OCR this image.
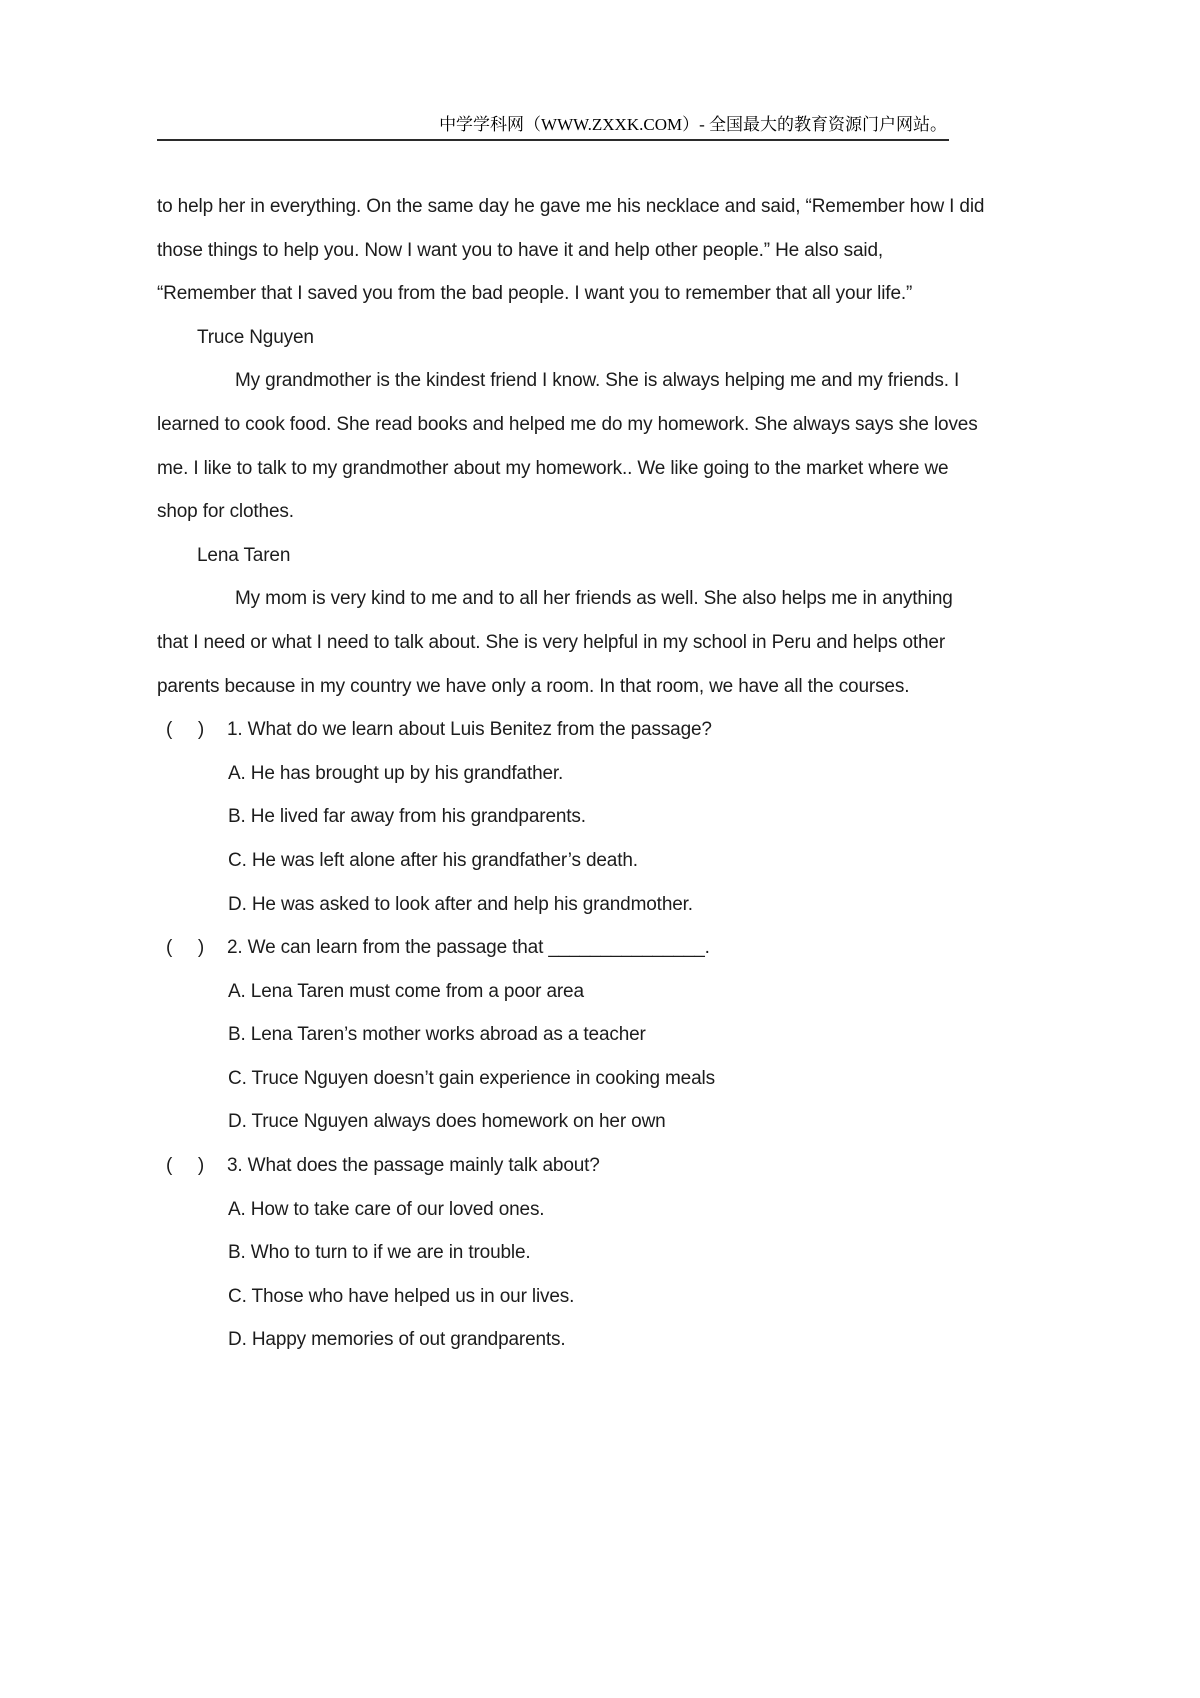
中学学科网（WWW.ZXXK.COM）- 全国最大的教育资源门户网站。
to help her in everything. On the same day he gave me his necklace and said, “Remember how I did
those things to help you. Now I want you to have it and help other people.” He also said,
“Remember that I saved you from the bad people. I want you to remember that all your life.”
Truce Nguyen
My grandmother is the kindest friend I know. She is always helping me and my friends. I
learned to cook food. She read books and helped me do my homework. She always says she loves
me. I like to talk to my grandmother about my homework.. We like going to the market where we
shop for clothes.
Lena Taren
My mom is very kind to me and to all her friends as well. She also helps me in anything
that I need or what I need to talk about. She is very helpful in my school in Peru and helps other
parents because in my country we have only a room. In that room, we have all the courses.
(     ) 1. What do we learn about Luis Benitez from the passage?
A. He has brought up by his grandfather.
B. He lived far away from his grandparents.
C. He was left alone after his grandfather’s death.
D. He was asked to look after and help his grandmother.
(     ) 2. We can learn from the passage that _______________.
A. Lena Taren must come from a poor area
B. Lena Taren’s mother works abroad as a teacher
C. Truce Nguyen doesn’t gain experience in cooking meals
D. Truce Nguyen always does homework on her own
(     ) 3. What does the passage mainly talk about?
A. How to take care of our loved ones.
B. Who to turn to if we are in trouble.
C. Those who have helped us in our lives.
D. Happy memories of out grandparents.
